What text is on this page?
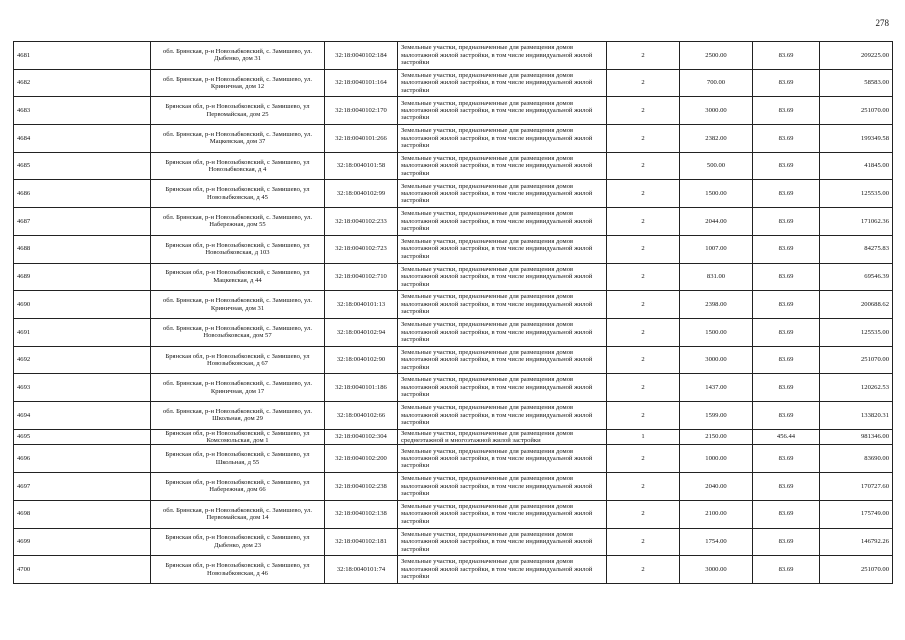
278
4681	обл. Брянская, р-н Новозыбковский, с. Замишево, ул. Дыбенко, дом 31	32:18:0040102:184	Земельные участки, предназначенные для размещения домов малоэтажной жилой застройки, в том числе индивидуальной жилой застройки	2	2500.00	83.69	209225.00
4682	обл. Брянская, р-н Новозыбковский, с. Замишево, ул. Криничная, дом 12	32:18:0040101:164	Земельные участки, предназначенные для размещения домов малоэтажной жилой застройки, в том числе индивидуальной жилой застройки	2	700.00	83.69	58583.00
4683	Брянская обл, р-н Новозыбковский, с Замишево, ул Первомайская, дом 25	32:18:0040102:170	Земельные участки, предназначенные для размещения домов малоэтажной жилой застройки, в том числе индивидуальной жилой застройки	2	3000.00	83.69	251070.00
4684	обл. Брянская, р-н Новозыбковский, с. Замишево, ул. Мацкевская, дом 37	32:18:0040101:266	Земельные участки, предназначенные для размещения домов малоэтажной жилой застройки, в том числе индивидуальной жилой застройки	2	2382.00	83.69	199349.58
4685	Брянская обл, р-н Новозыбковский, с Замишево, ул Новозыбковская, д 4	32:18:0040101:58	Земельные участки, предназначенные для размещения домов малоэтажной жилой застройки, в том числе индивидуальной жилой застройки	2	500.00	83.69	41845.00
4686	Брянская обл, р-н Новозыбковский, с Замишево, ул Новозыбковская, д 45	32:18:0040102:99	Земельные участки, предназначенные для размещения домов малоэтажной жилой застройки, в том числе индивидуальной жилой застройки	2	1500.00	83.69	125535.00
4687	обл. Брянская, р-н Новозыбковский, с. Замишево, ул. Набережная, дом 55	32:18:0040102:233	Земельные участки, предназначенные для размещения домов малоэтажной жилой застройки, в том числе индивидуальной жилой застройки	2	2044.00	83.69	171062.36
4688	Брянская обл, р-н Новозыбковский, с Замишево, ул Новозыбковская, д 103	32:18:0040102:723	Земельные участки, предназначенные для размещения домов малоэтажной жилой застройки, в том числе индивидуальной жилой застройки	2	1007.00	83.69	84275.83
4689	Брянская обл, р-н Новозыбковский, с Замишево, ул Мацкевская, д 44	32:18:0040102:710	Земельные участки, предназначенные для размещения домов малоэтажной жилой застройки, в том числе индивидуальной жилой застройки	2	831.00	83.69	69546.39
4690	обл. Брянская, р-н Новозыбковский, с. Замишево, ул. Криничная, дом 31	32:18:0040101:13	Земельные участки, предназначенные для размещения домов малоэтажной жилой застройки, в том числе индивидуальной жилой застройки	2	2398.00	83.69	200688.62
4691	обл. Брянская, р-н Новозыбковский, с. Замишево, ул. Новозыбковская, дом 57	32:18:0040102:94	Земельные участки, предназначенные для размещения домов малоэтажной жилой застройки, в том числе индивидуальной жилой застройки	2	1500.00	83.69	125535.00
4692	Брянская обл, р-н Новозыбковский, с Замишево, ул Новозыбковская, д 67	32:18:0040102:90	Земельные участки, предназначенные для размещения домов малоэтажной жилой застройки, в том числе индивидуальной жилой застройки	2	3000.00	83.69	251070.00
4693	обл. Брянская, р-н Новозыбковский, с. Замишево, ул. Криничная, дом 17	32:18:0040101:186	Земельные участки, предназначенные для размещения домов малоэтажной жилой застройки, в том числе индивидуальной жилой застройки	2	1437.00	83.69	120262.53
4694	обл. Брянская, р-н Новозыбковский, с. Замишево, ул. Школьная, дом 29	32:18:0040102:66	Земельные участки, предназначенные для размещения домов малоэтажной жилой застройки, в том числе индивидуальной жилой застройки	2	1599.00	83.69	133820.31
4695	Брянская обл, р-н Новозыбковский, с Замишево, ул Комсомольская, дом 1	32:18:0040102:304	Земельные участки, предназначенные для размещения домов среднеэтажной и многоэтажной жилой застройки	1	2150.00	456.44	981346.00
4696	Брянская обл, р-н Новозыбковский, с Замишево, ул Школьная, д 55	32:18:0040102:200	Земельные участки, предназначенные для размещения домов малоэтажной жилой застройки, в том числе индивидуальной жилой застройки	2	1000.00	83.69	83690.00
4697	Брянская обл, р-н Новозыбковский, с Замишево, ул Набережная, дом 66	32:18:0040102:238	Земельные участки, предназначенные для размещения домов малоэтажной жилой застройки, в том числе индивидуальной жилой застройки	2	2040.00	83.69	170727.60
4698	обл. Брянская, р-н Новозыбковский, с. Замишево, ул. Первомайская, дом 14	32:18:0040102:138	Земельные участки, предназначенные для размещения домов малоэтажной жилой застройки, в том числе индивидуальной жилой застройки	2	2100.00	83.69	175749.00
4699	Брянская обл, р-н Новозыбковский, с Замишево, ул Дыбенко, дом 23	32:18:0040102:181	Земельные участки, предназначенные для размещения домов малоэтажной жилой застройки, в том числе индивидуальной жилой застройки	2	1754.00	83.69	146792.26
4700	Брянская обл, р-н Новозыбковский, с Замишево, ул Новозыбковская, д 46	32:18:0040101:74	Земельные участки, предназначенные для размещения домов малоэтажной жилой застройки, в том числе индивидуальной жилой застройки	2	3000.00	83.69	251070.00
